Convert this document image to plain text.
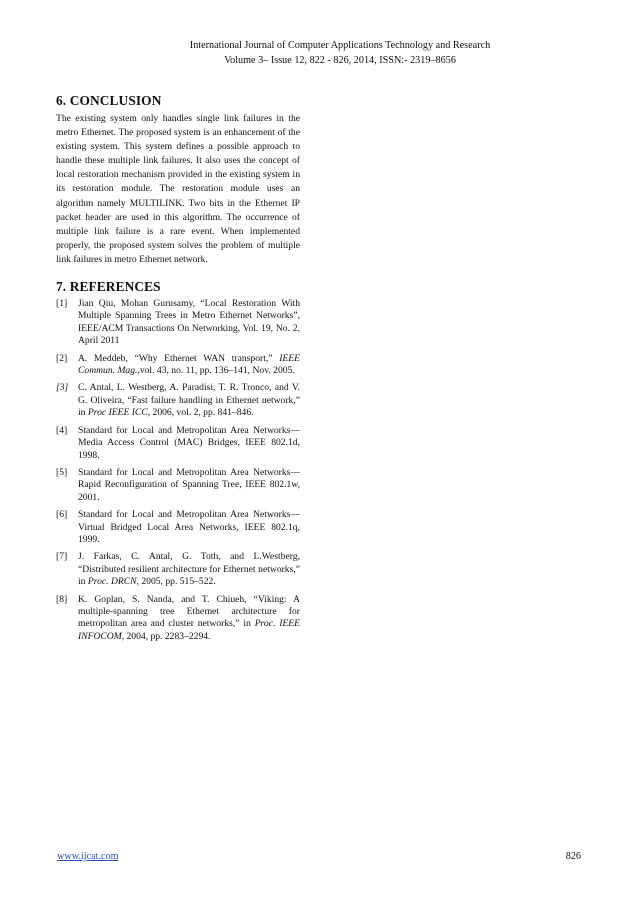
International Journal of Computer Applications Technology and Research
Volume 3– Issue 12, 822 - 826, 2014, ISSN:- 2319–8656
6. CONCLUSION

The existing system only handles single link failures in the metro Ethernet. The proposed system is an enhancement of the existing system. This system defines a possible approach to handle these multiple link failures. It also uses the concept of local restoration mechanism provided in the existing system in its restoration module. The restoration module uses an algorithm namely MULTILINK. Two bits in the Ethernet IP packet header are used in this algorithm. The occurrence of multiple link failure is a rare event. When implemented properly, the proposed system solves the problem of multiple link failures in metro Ethernet network.

7. REFERENCES
[1]	Jian Qiu, Mohan Gurusamy, “Local Restoration With Multiple Spanning Trees in Metro Ethernet Networks”, IEEE/ACM Transactions On Networking, Vol. 19, No. 2, April 2011
[2]	A. Meddeb, “Why Ethernet WAN transport,” IEEE Commun. Mag.,vol. 43, no. 11, pp. 136–141, Nov. 2005.
[3]	C. Antal, L. Westberg, A. Paradisi, T. R. Tronco, and V. G. Oliveira, “Fast failure handling in Ethernet network,” in Proc IEEE ICC, 2006, vol. 2, pp. 841–846.
[4]	Standard for Local and Metropolitan Area Networks—Media Access Control (MAC) Bridges, IEEE 802.1d, 1998.
[5]	Standard for Local and Metropolitan Area Networks—Rapid Reconfiguration of Spanning Tree, IEEE 802.1w, 2001.
[6]	Standard for Local and Metropolitan Area Networks—Virtual Bridged Local Area Networks, IEEE 802.1q, 1999.
[7]	J. Farkas, C. Antal, G. Toth, and L.Westberg, “Distributed resilient architecture for Ethernet networks,” in Proc. DRCN, 2005, pp. 515–522.
[8]	K. Goplan, S. Nanda, and T. Chiueh, “Viking: A multiple-spanning tree Ethernet architecture for metropolitan area and cluster networks,” in Proc. IEEE INFOCOM, 2004, pp. 2283–2294.
www.ijcat.com	826
